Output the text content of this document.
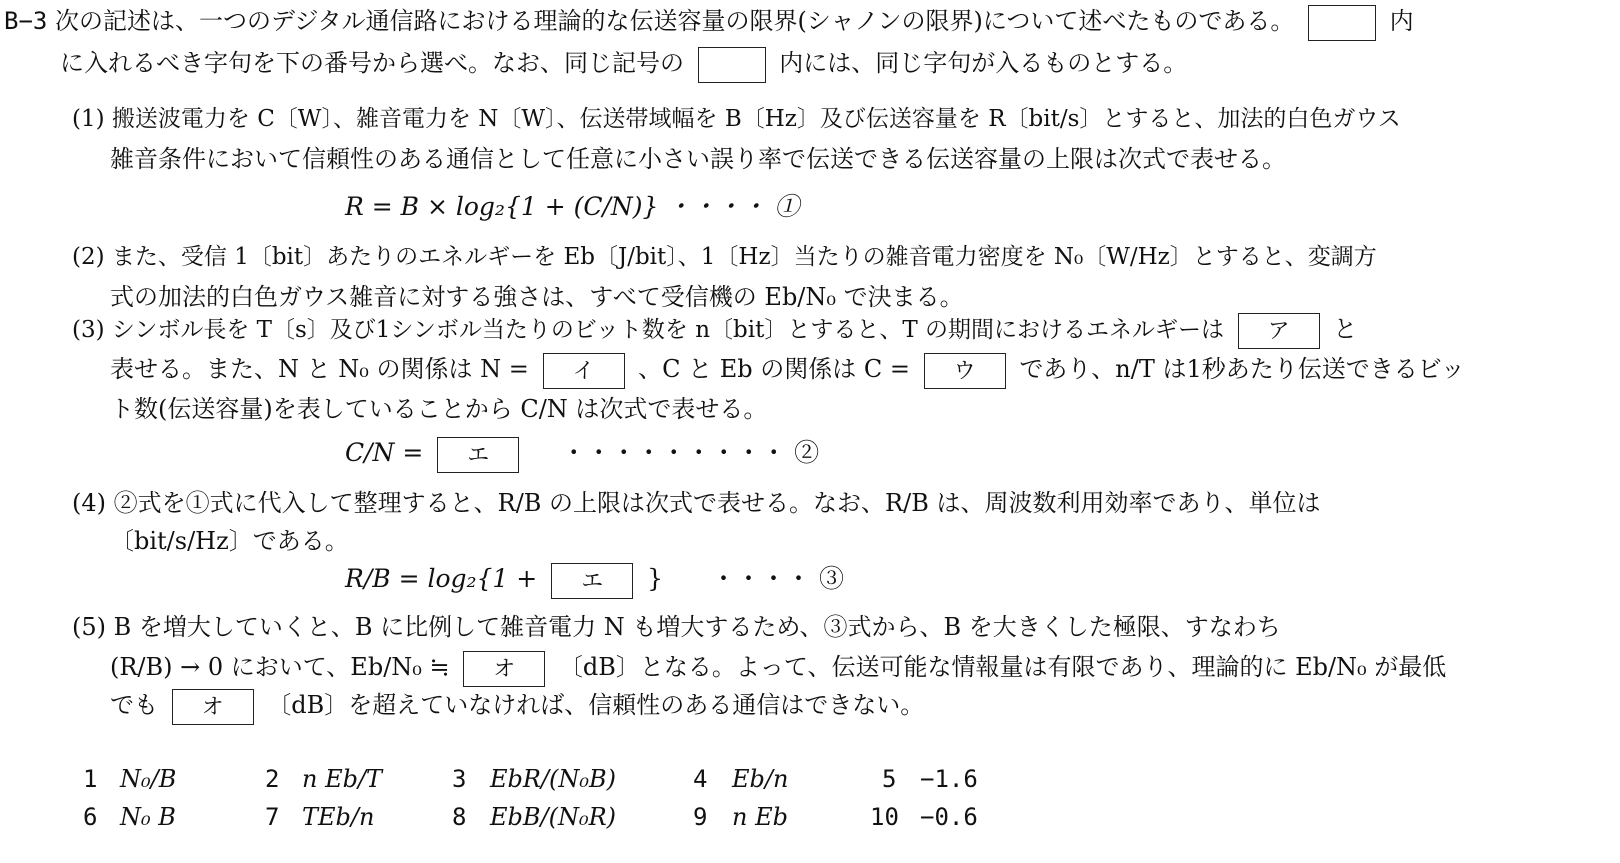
B−3 次の記述は、一つのデジタル通信路における理論的な伝送容量の限界(シャノンの限界)について述べたものである。	内
に入れるべき字句を下の番号から選べ。なお、同じ記号の	内には、同じ字句が入るものとする。
(1) 搬送波電力を C〔W〕、雑音電力を N〔W〕、伝送帯域幅を B〔Hz〕及び伝送容量を R〔bit/s〕とすると、加法的白色ガウス
雑音条件において信頼性のある通信として任意に小さい誤り率で伝送できる伝送容量の上限は次式で表せる。
R = B × log₂{1 + (C/N)} ・・・・ ①
(2) また、受信 1〔bit〕あたりのエネルギーを Eb〔J/bit〕、1〔Hz〕当たりの雑音電力密度を N₀〔W/Hz〕とすると、変調方
式の加法的白色ガウス雑音に対する強さは、すべて受信機の Eb/N₀ で決まる。
(3) シンボル長を T〔s〕及び1シンボル当たりのビット数を n〔bit〕とすると、T の期間におけるエネルギーは ア と
表せる。また、N と N₀ の関係は N = イ 、C と Eb の関係は C = ウ であり、n/T は1秒あたり伝送できるビッ
ト数(伝送容量)を表していることから C/N は次式で表せる。
C/N = エ	・・・・・・・・・ ②
(4) ②式を①式に代入して整理すると、R/B の上限は次式で表せる。なお、R/B は、周波数利用効率であり、単位は
〔bit/s/Hz〕である。
R/B = log₂{1 + エ } ・・・・ ③
(5) B を増大していくと、B に比例して雑音電力 N も増大するため、③式から、B を大きくした極限、すなわち
(R/B) → 0 において、Eb/N₀ ≒ オ 〔dB〕となる。よって、伝送可能な情報量は有限であり、理論的に Eb/N₀ が最低
でも オ 〔dB〕を超えていなければ、信頼性のある通信はできない。
1 N₀/B	2 n Eb/T	3 EbR/(N₀B)	4 Eb/n	5 −1.6
6 N₀ B	7 TEb/n	8 EbB/(N₀R)	9 n Eb	10 −0.6
